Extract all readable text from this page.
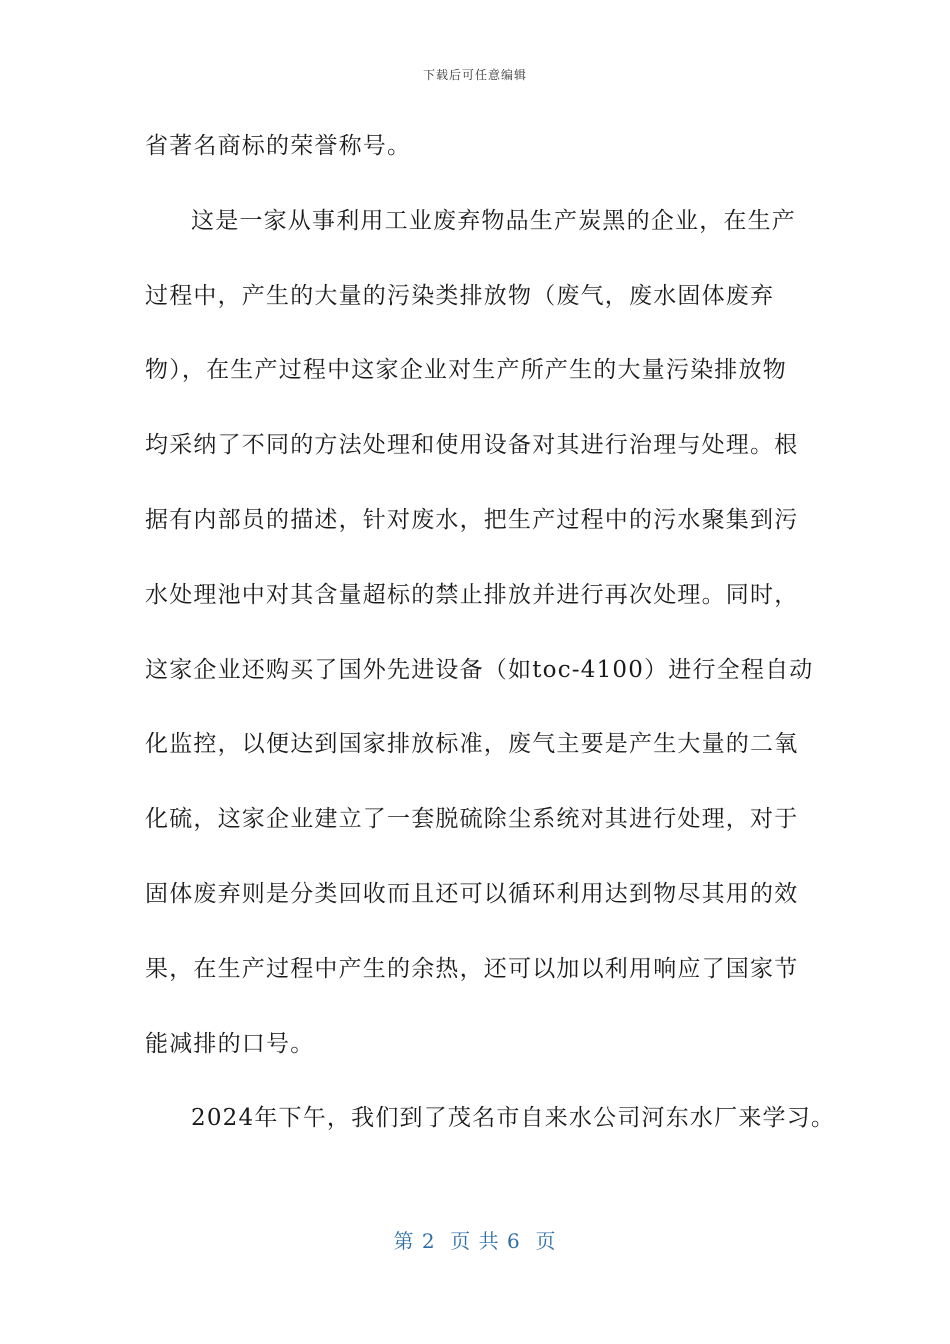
下载后可任意编辑
省著名商标的荣誉称号。
这是一家从事利用工业废弃物品生产炭黑的企业，在生产
过程中，产生的大量的污染类排放物（废气，废水固体废弃
物），在生产过程中这家企业对生产所产生的大量污染排放物
均采纳了不同的方法处理和使用设备对其进行治理与处理。根
据有内部员的描述，针对废水，把生产过程中的污水聚集到污
水处理池中对其含量超标的禁止排放并进行再次处理。同时，
这家企业还购买了国外先进设备（如toc-4100）进行全程自动
化监控，以便达到国家排放标准，废气主要是产生大量的二氧
化硫，这家企业建立了一套脱硫除尘系统对其进行处理，对于
固体废弃则是分类回收而且还可以循环利用达到物尽其用的效
果，在生产过程中产生的余热，还可以加以利用响应了国家节
能减排的口号。
2024年下午，我们到了茂名市自来水公司河东水厂来学习。
第 2  页 共 6  页
